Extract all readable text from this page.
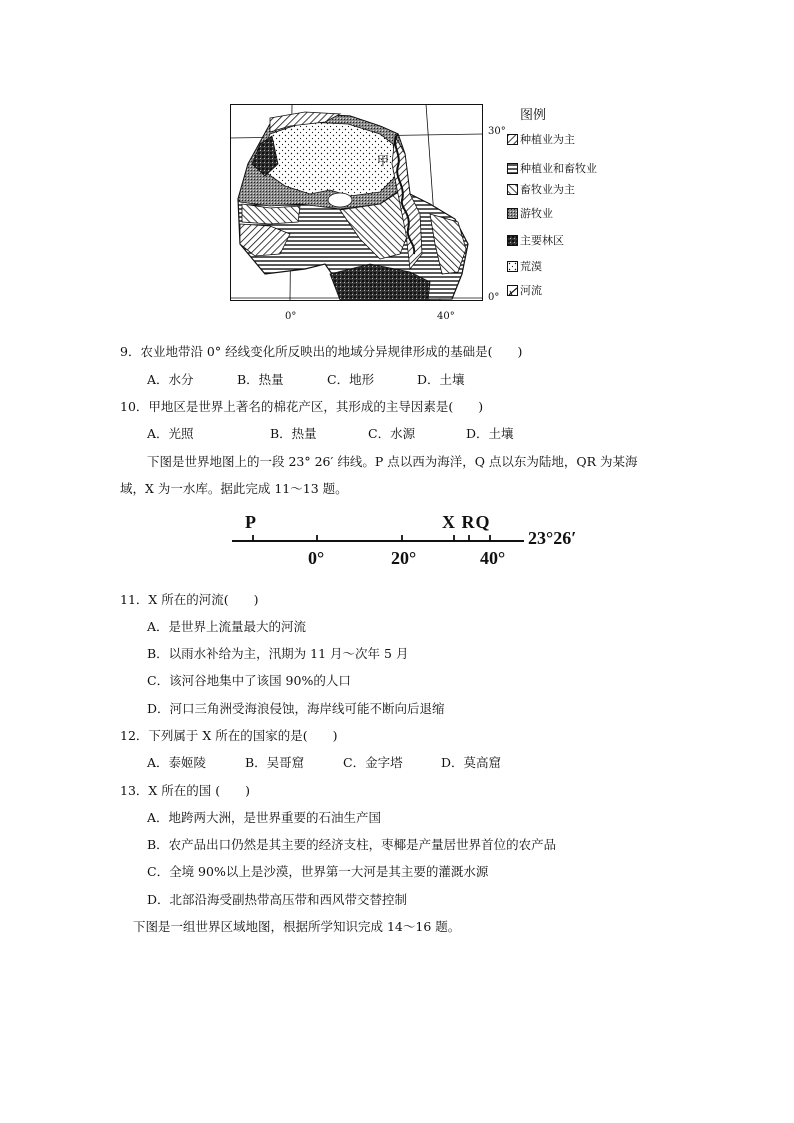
甲
30°
0°
0°	40°
图例
种植业为主
种植业和畜牧业
畜牧业为主
游牧业
主要林区
荒漠
河流
9．农业地带沿 0° 经线变化所反映出的地域分异规律形成的基础是(　　)
A．水分	B．热量	C．地形	D．土壤
10．甲地区是世界上著名的棉花产区，其形成的主导因素是(　　)
A．光照	B．热量	C．水源	D．土壤
下图是世界地图上的一段 23° 26′ 纬线。P 点以西为海洋，Q 点以东为陆地，QR 为某海
域，X 为一水库。据此完成 11～13 题。
P	X RQ
0°	20°	40°
23°26′
11．X 所在的河流(　　)
A．是世界上流量最大的河流
B．以雨水补给为主，汛期为 11 月～次年 5 月
C．该河谷地集中了该国 90%的人口
D．河口三角洲受海浪侵蚀，海岸线可能不断向后退缩
12．下列属于 X 所在的国家的是(　　)
A．泰姬陵	B．吴哥窟	C．金字塔	D．莫高窟
13．X 所在的国 (　　)
A．地跨两大洲，是世界重要的石油生产国
B．农产品出口仍然是其主要的经济支柱，枣椰是产量居世界首位的农产品
C．全境 90%以上是沙漠，世界第一大河是其主要的灌溉水源
D．北部沿海受副热带高压带和西风带交替控制
下图是一组世界区域地图，根据所学知识完成 14～16 题。
